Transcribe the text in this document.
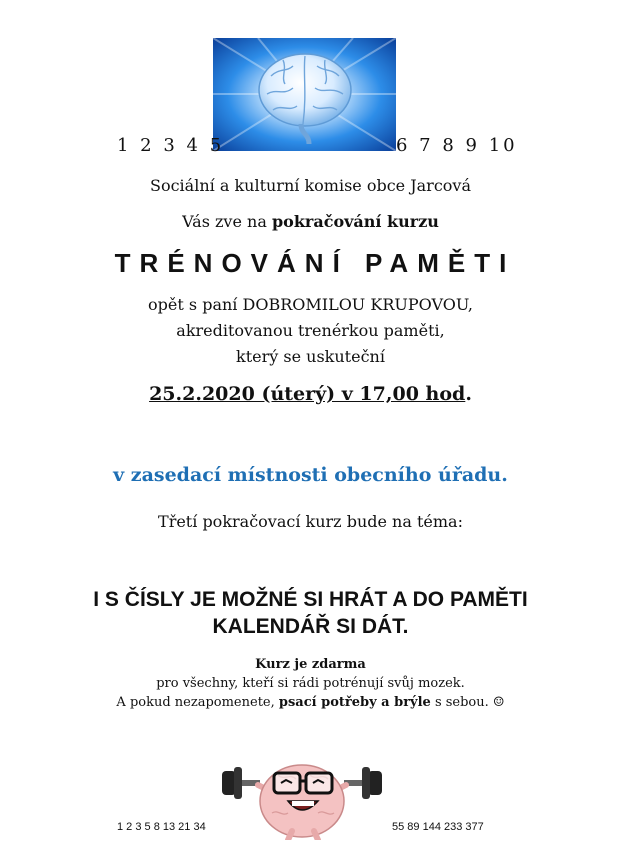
1 2 3 4 5	6 7 8 9 10
Sociální a kulturní komise obce Jarcová
Vás zve na pokračování kurzu
TRÉNOVÁNÍ PAMĚTI
opět s paní DOBROMILOU KRUPOVOU,
akreditovanou trenérkou paměti,
který se uskuteční
25.2.2020 (úterý) v 17,00 hod.
v zasedací místnosti obecního úřadu.
Třetí pokračovací kurz bude na téma:
I S ČÍSLY JE MOŽNÉ SI HRÁT A DO PAMĚTI
KALENDÁŘ SI DÁT.
Kurz je zdarma
pro všechny, kteří si rádi potrénují svůj mozek.
A pokud nezapomenete, psací potřeby a brýle s sebou. ☺
1 2 3 5 8 13 21 34	55 89 144 233 377
